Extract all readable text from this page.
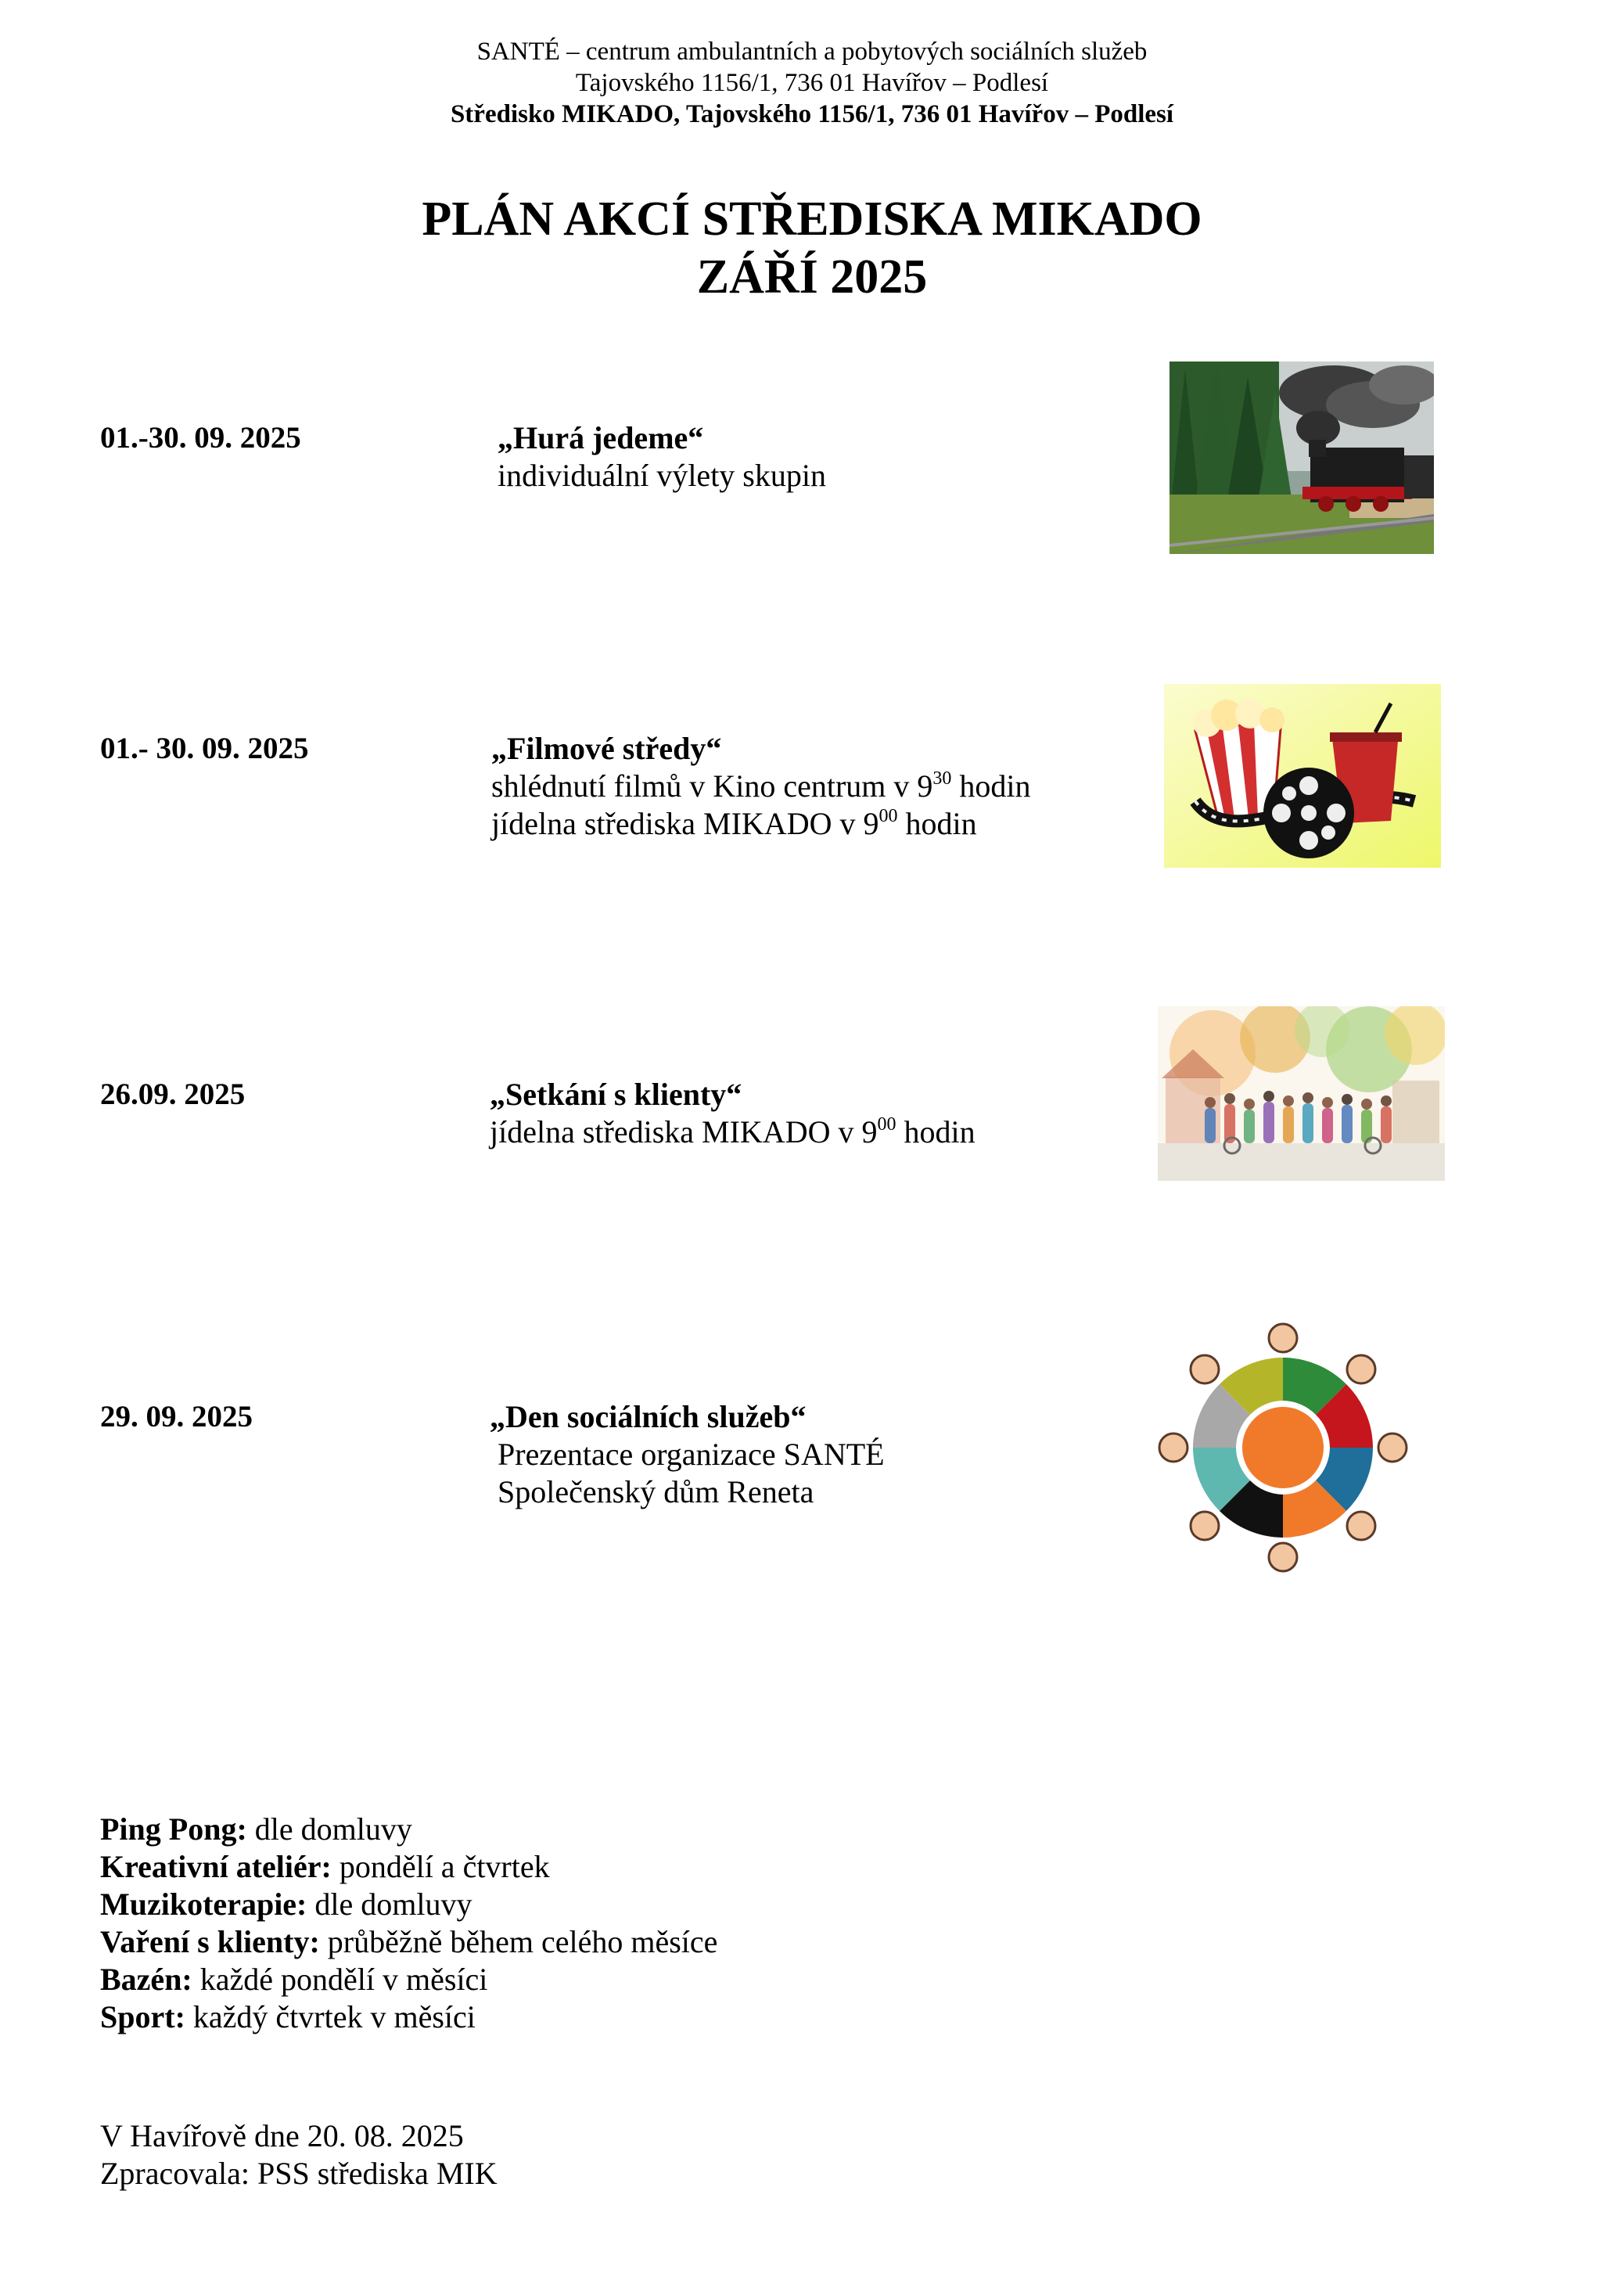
SANTÉ – centrum ambulantních a pobytových sociálních služeb
Tajovského 1156/1, 736 01 Havířov – Podlesí
Středisko MIKADO, Tajovského 1156/1, 736 01 Havířov – Podlesí
PLÁN AKCÍ STŘEDISKA MIKADO
ZÁŘÍ 2025
01.-30. 09. 2025	„Hurá jedeme“
individuální výlety skupin
01.- 30. 09. 2025	„Filmové středy“
shlédnutí filmů v Kino centrum v $9^{30}$ hodin
jídelna střediska MIKADO v $9^{00}$ hodin
26.09. 2025	„Setkání s klienty“
jídelna střediska MIKADO v $9^{00}$ hodin
29. 09. 2025	„Den sociálních služeb“
Prezentace organizace SANTÉ
Společenský dům Reneta
Ping Pong: dle domluvy
Kreativní ateliér: pondělí a čtvrtek
Muzikoterapie: dle domluvy
Vaření s klienty: průběžně během celého měsíce
Bazén: každé pondělí v měsíci
Sport: každý čtvrtek v měsíci
V Havířově dne 20. 08. 2025
Zpracovala: PSS střediska MIK
